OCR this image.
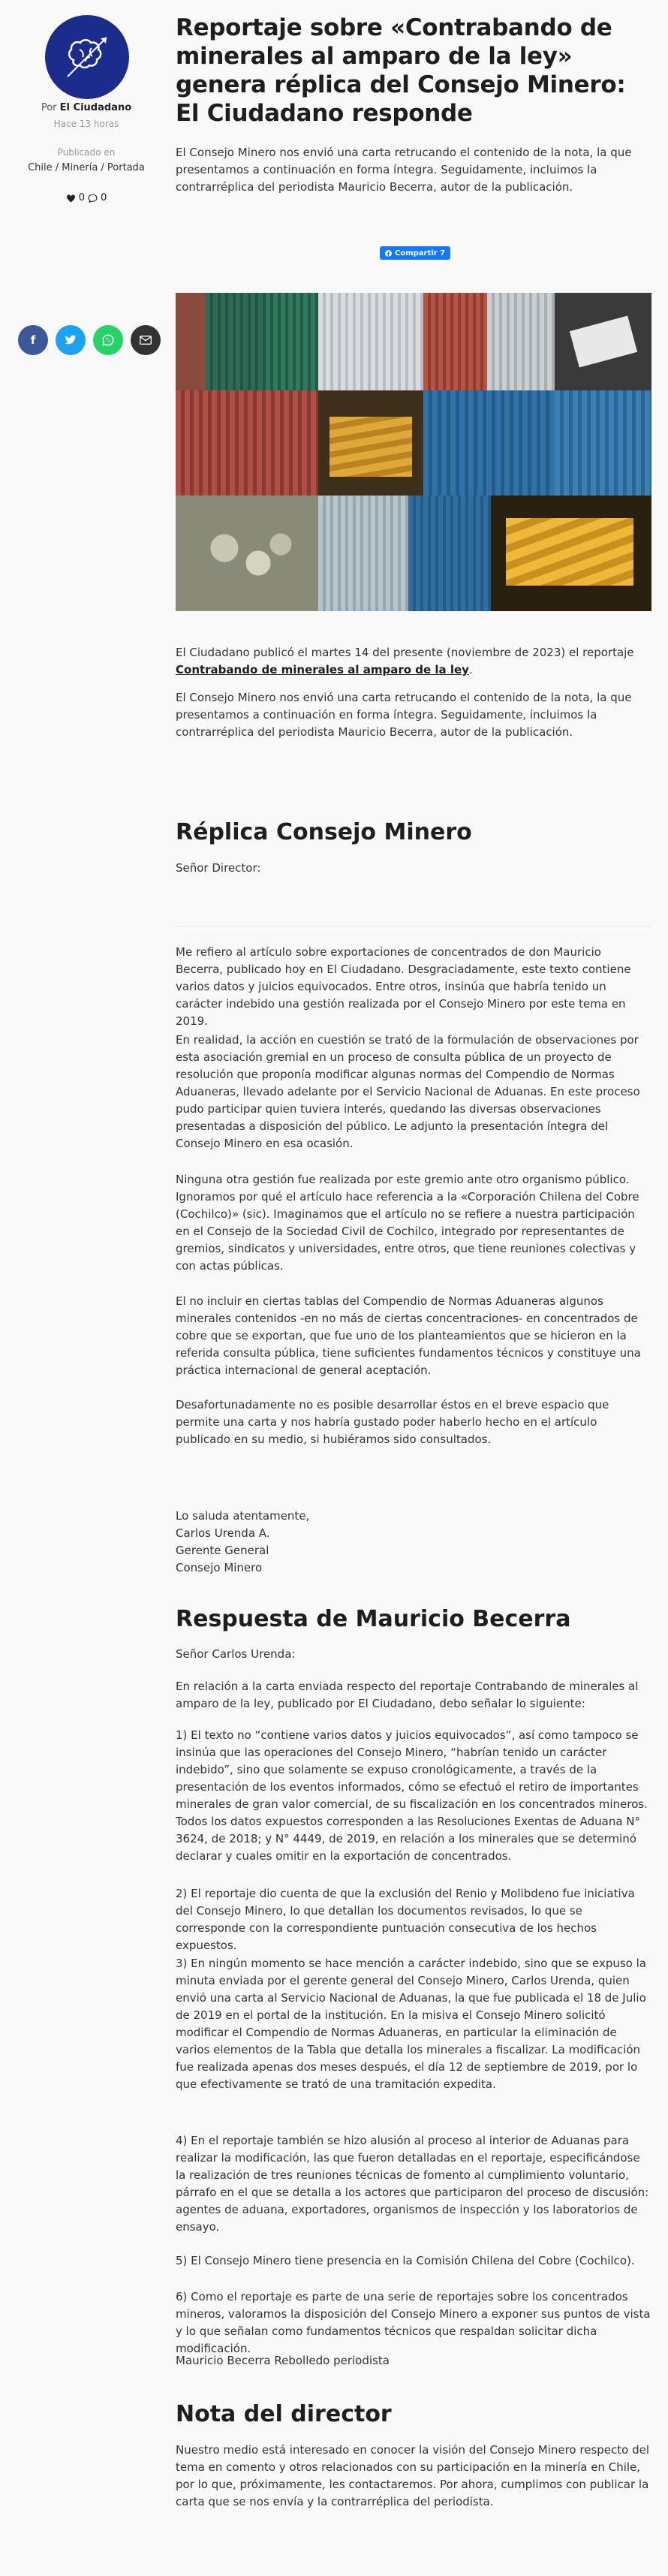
Por El Ciudadano
Hace 13 horas
Publicado en
Chile / Minería / Portada
0 0
f
Reportaje sobre «Contrabando de minerales al amparo de la ley» genera réplica del Consejo Minero: El Ciudadano responde

El Consejo Minero nos envió una carta retrucando el contenido de la nota, la que presentamos a continuación en forma íntegra. Seguidamente, incluimos la contrarréplica del periodista Mauricio Becerra, autor de la publicación.

Compartir 7

El Ciudadano publicó el martes 14 del presente (noviembre de 2023) el reportaje Contrabando de minerales al amparo de la ley.

El Consejo Minero nos envió una carta retrucando el contenido de la nota, la que presentamos a continuación en forma íntegra. Seguidamente, incluimos la contrarréplica del periodista Mauricio Becerra, autor de la publicación.

Réplica Consejo Minero

Señor Director:

Me refiero al artículo sobre exportaciones de concentrados de don Mauricio Becerra, publicado hoy en El Ciudadano. Desgraciadamente, este texto contiene varios datos y juicios equivocados. Entre otros, insinúa que habría tenido un carácter indebido una gestión realizada por el Consejo Minero por este tema en 2019.

En realidad, la acción en cuestión se trató de la formulación de observaciones por esta asociación gremial en un proceso de consulta pública de un proyecto de resolución que proponía modificar algunas normas del Compendio de Normas Aduaneras, llevado adelante por el Servicio Nacional de Aduanas. En este proceso pudo participar quien tuviera interés, quedando las diversas observaciones presentadas a disposición del público. Le adjunto la presentación íntegra del Consejo Minero en esa ocasión.

Ninguna otra gestión fue realizada por este gremio ante otro organismo público. Ignoramos por qué el artículo hace referencia a la «Corporación Chilena del Cobre (Cochilco)» (sic). Imaginamos que el artículo no se refiere a nuestra participación en el Consejo de la Sociedad Civil de Cochilco, integrado por representantes de gremios, sindicatos y universidades, entre otros, que tiene reuniones colectivas y con actas públicas.

El no incluir en ciertas tablas del Compendio de Normas Aduaneras algunos minerales contenidos -en no más de ciertas concentraciones- en concentrados de cobre que se exportan, que fue uno de los planteamientos que se hicieron en la referida consulta pública, tiene suficientes fundamentos técnicos y constituye una práctica internacional de general aceptación.

Desafortunadamente no es posible desarrollar éstos en el breve espacio que permite una carta y nos habría gustado poder haberlo hecho en el artículo publicado en su medio, si hubiéramos sido consultados.

Lo saluda atentamente,

Carlos Urenda A.

Gerente General

Consejo Minero

Respuesta de Mauricio Becerra

Señor Carlos Urenda:

En relación a la carta enviada respecto del reportaje Contrabando de minerales al amparo de la ley, publicado por El Ciudadano, debo señalar lo siguiente:

1) El texto no “contiene varios datos y juicios equivocados”, así como tampoco se insinúa que las operaciones del Consejo Minero, “habrían tenido un carácter indebido”, sino que solamente se expuso cronológicamente, a través de la presentación de los eventos informados, cómo se efectuó el retiro de importantes minerales de gran valor comercial, de su fiscalización en los concentrados mineros. Todos los datos expuestos corresponden a las Resoluciones Exentas de Aduana N° 3624, de 2018; y N° 4449, de 2019, en relación a los minerales que se determinó declarar y cuales omitir en la exportación de concentrados.

2) El reportaje dio cuenta de que la exclusión del Renio y Molibdeno fue iniciativa del Consejo Minero, lo que detallan los documentos revisados, lo que se corresponde con la correspondiente puntuación consecutiva de los hechos expuestos.

3) En ningún momento se hace mención a carácter indebido, sino que se expuso la minuta enviada por el gerente general del Consejo Minero, Carlos Urenda, quien envió una carta al Servicio Nacional de Aduanas, la que fue publicada el 18 de Julio de 2019 en el portal de la institución. En la misiva el Consejo Minero solicitó modificar el Compendio de Normas Aduaneras, en particular la eliminación de varios elementos de la Tabla que detalla los minerales a fiscalizar. La modificación fue realizada apenas dos meses después, el día 12 de septiembre de 2019, por lo que efectivamente se trató de una tramitación expedita.

4) En el reportaje también se hizo alusión al proceso al interior de Aduanas para realizar la modificación, las que fueron detalladas en el reportaje, especificándose la realización de tres reuniones técnicas de fomento al cumplimiento voluntario, párrafo en el que se detalla a los actores que participaron del proceso de discusión: agentes de aduana, exportadores, organismos de inspección y los laboratorios de ensayo.

5) El Consejo Minero tiene presencia en la Comisión Chilena del Cobre (Cochilco).

6) Como el reportaje es parte de una serie de reportajes sobre los concentrados mineros, valoramos la disposición del Consejo Minero a exponer sus puntos de vista y lo que señalan como fundamentos técnicos que respaldan solicitar dicha modificación.

Mauricio Becerra Rebolledo periodista

Nota del director

Nuestro medio está interesado en conocer la visión del Consejo Minero respecto del tema en comento y otros relacionados con su participación en la minería en Chile, por lo que, próximamente, les contactaremos. Por ahora, cumplimos con publicar la carta que se nos envía y la contrarréplica del periodista.
